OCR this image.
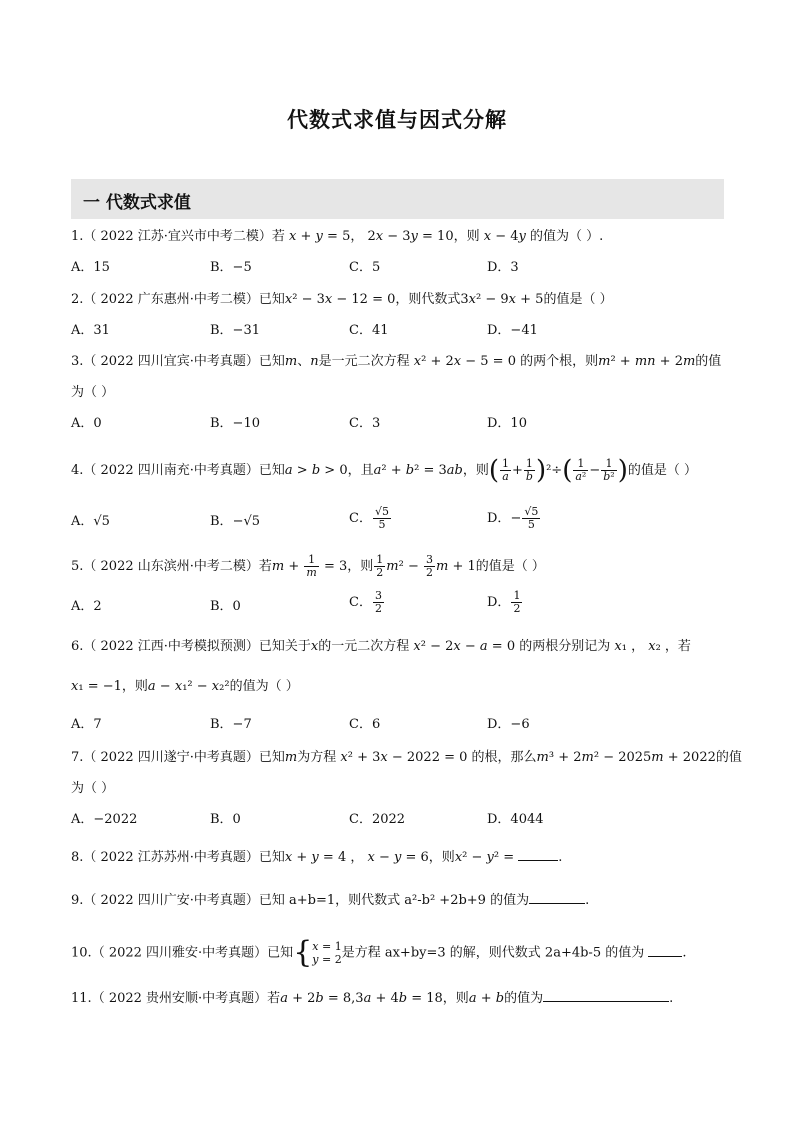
代数式求值与因式分解
一 代数式求值
1.（ 2022 江苏·宜兴市中考二模）若 x + y = 5， 2x − 3y = 10，则 x − 4y 的值为（ ）.
A．15	B．−5	C．5	D．3
2.（ 2022 广东惠州·中考二模）已知x² − 3x − 12 = 0，则代数式3x² − 9x + 5的值是（ ）
A．31	B．−31	C．41	D．−41
3.（ 2022 四川宜宾·中考真题）已知m、n是一元二次方程 x² + 2x − 5 = 0 的两个根，则m² + mn + 2m的值
为（ ）
A．0	B．−10	C．3	D．10
4.（ 2022 四川南充·中考真题）已知a > b > 0，且a² + b² = 3ab，则( $\frac{1}{a} + \frac{1}{b} )^2\div( \frac{1}{\text{a²}} - \frac{1}{\text{b²}}$ )的值是（ ）
A．√5	B．−√5	C． $\frac{√5}{5}$	D．− $\frac{√5}{5}$
5.（ 2022 山东滨州·中考二模）若$m + \frac{1}{m} = 3$，则 $\frac{1}{2} m^2 - \frac{3}{2}$ m + 1的值是（ ）
A．2	B．0	C． $\frac{3}{2}$	D． $\frac{1}{2}$
6.（ 2022 江西·中考模拟预测）已知关于x的一元二次方程 x² − 2x − a = 0 的两根分别记为 x₁ ， x₂ ，若
x₁ = −1，则a − x₁² − x₂²的值为（ ）
A．7	B．−7	C．6	D．−6
7.（ 2022 四川遂宁·中考真题）已知m为方程 x² + 3x − 2022 = 0 的根，那么m³ + 2m² − 2025m + 2022的值
为（ ）
A．−2022	B．0	C．2022	D．4044
8.（ 2022 江苏苏州·中考真题）已知x + y = 4 ， x − y = 6，则x² − y² =	.
9.（ 2022 四川广安·中考真题）已知 a+b=1，则代数式 a²-b² +2b+9 的值为	.
10.（ 2022 四川雅安·中考真题）已知{x = 1
y = 2是方程 ax+by=3 的解，则代数式 2a+4b-5 的值为	.
11.（ 2022 贵州安顺·中考真题）若a + 2b = 8,3a + 4b = 18，则a + b的值为	.
